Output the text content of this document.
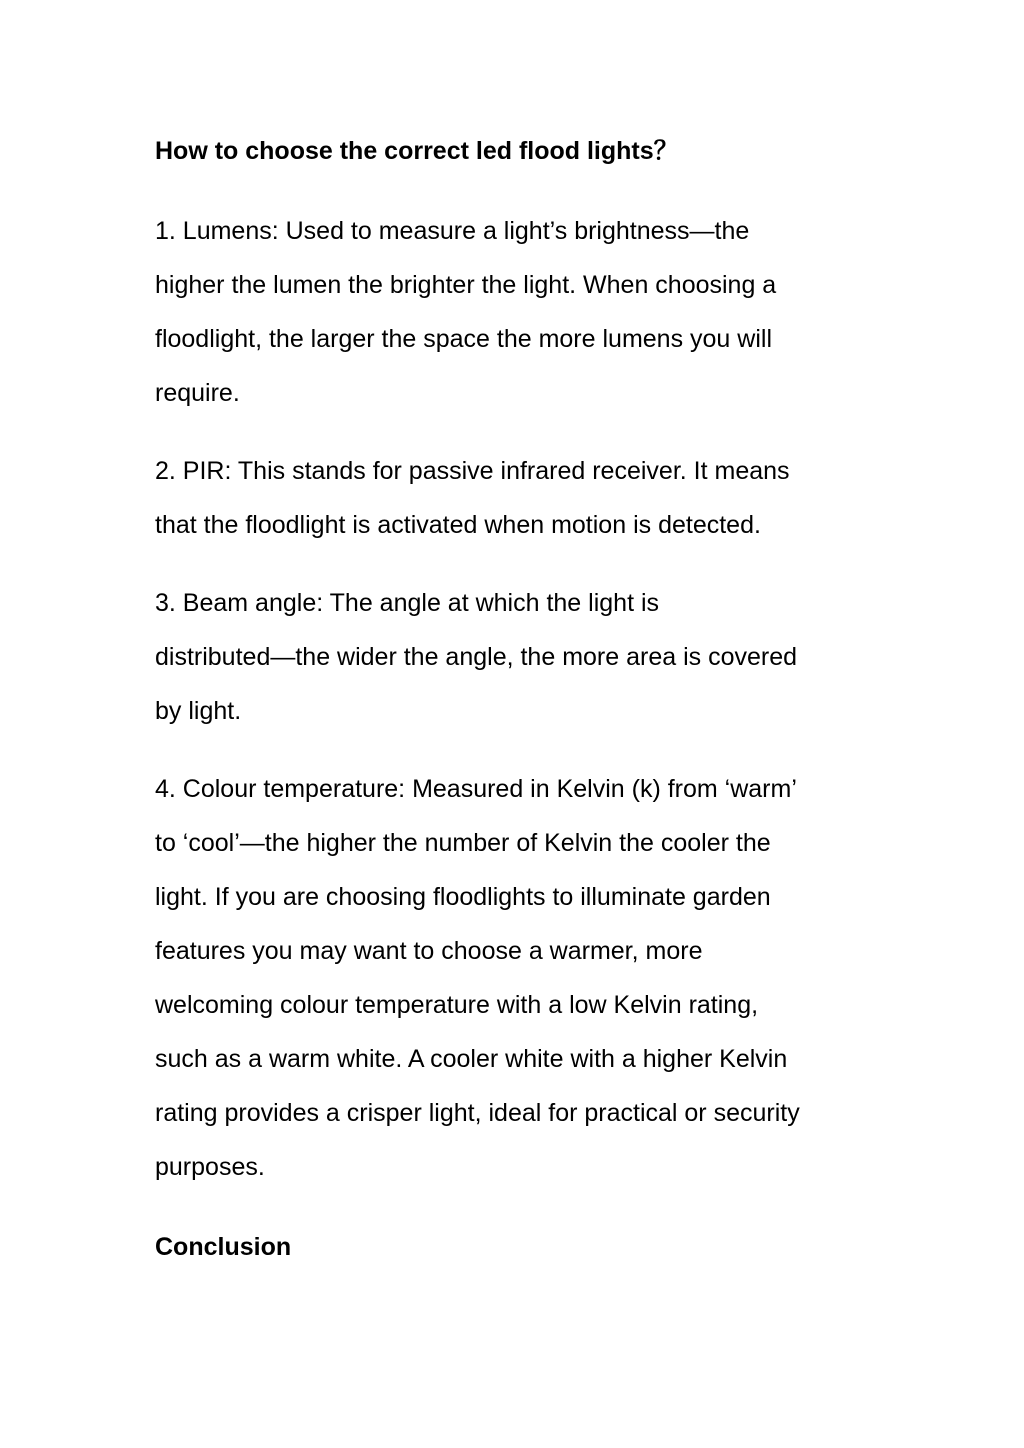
How to choose the correct led flood lights？
1. Lumens: Used to measure a light’s brightness—the
higher the lumen the brighter the light. When choosing a
floodlight, the larger the space the more lumens you will
require.
2. PIR: This stands for passive infrared receiver. It means
that the floodlight is activated when motion is detected.
3. Beam angle: The angle at which the light is
distributed—the wider the angle, the more area is covered
by light.
4. Colour temperature: Measured in Kelvin (k) from ‘warm’
to ‘cool’—the higher the number of Kelvin the cooler the
light. If you are choosing floodlights to illuminate garden
features you may want to choose a warmer, more
welcoming colour temperature with a low Kelvin rating,
such as a warm white. A cooler white with a higher Kelvin
rating provides a crisper light, ideal for practical or security
purposes.
Conclusion
